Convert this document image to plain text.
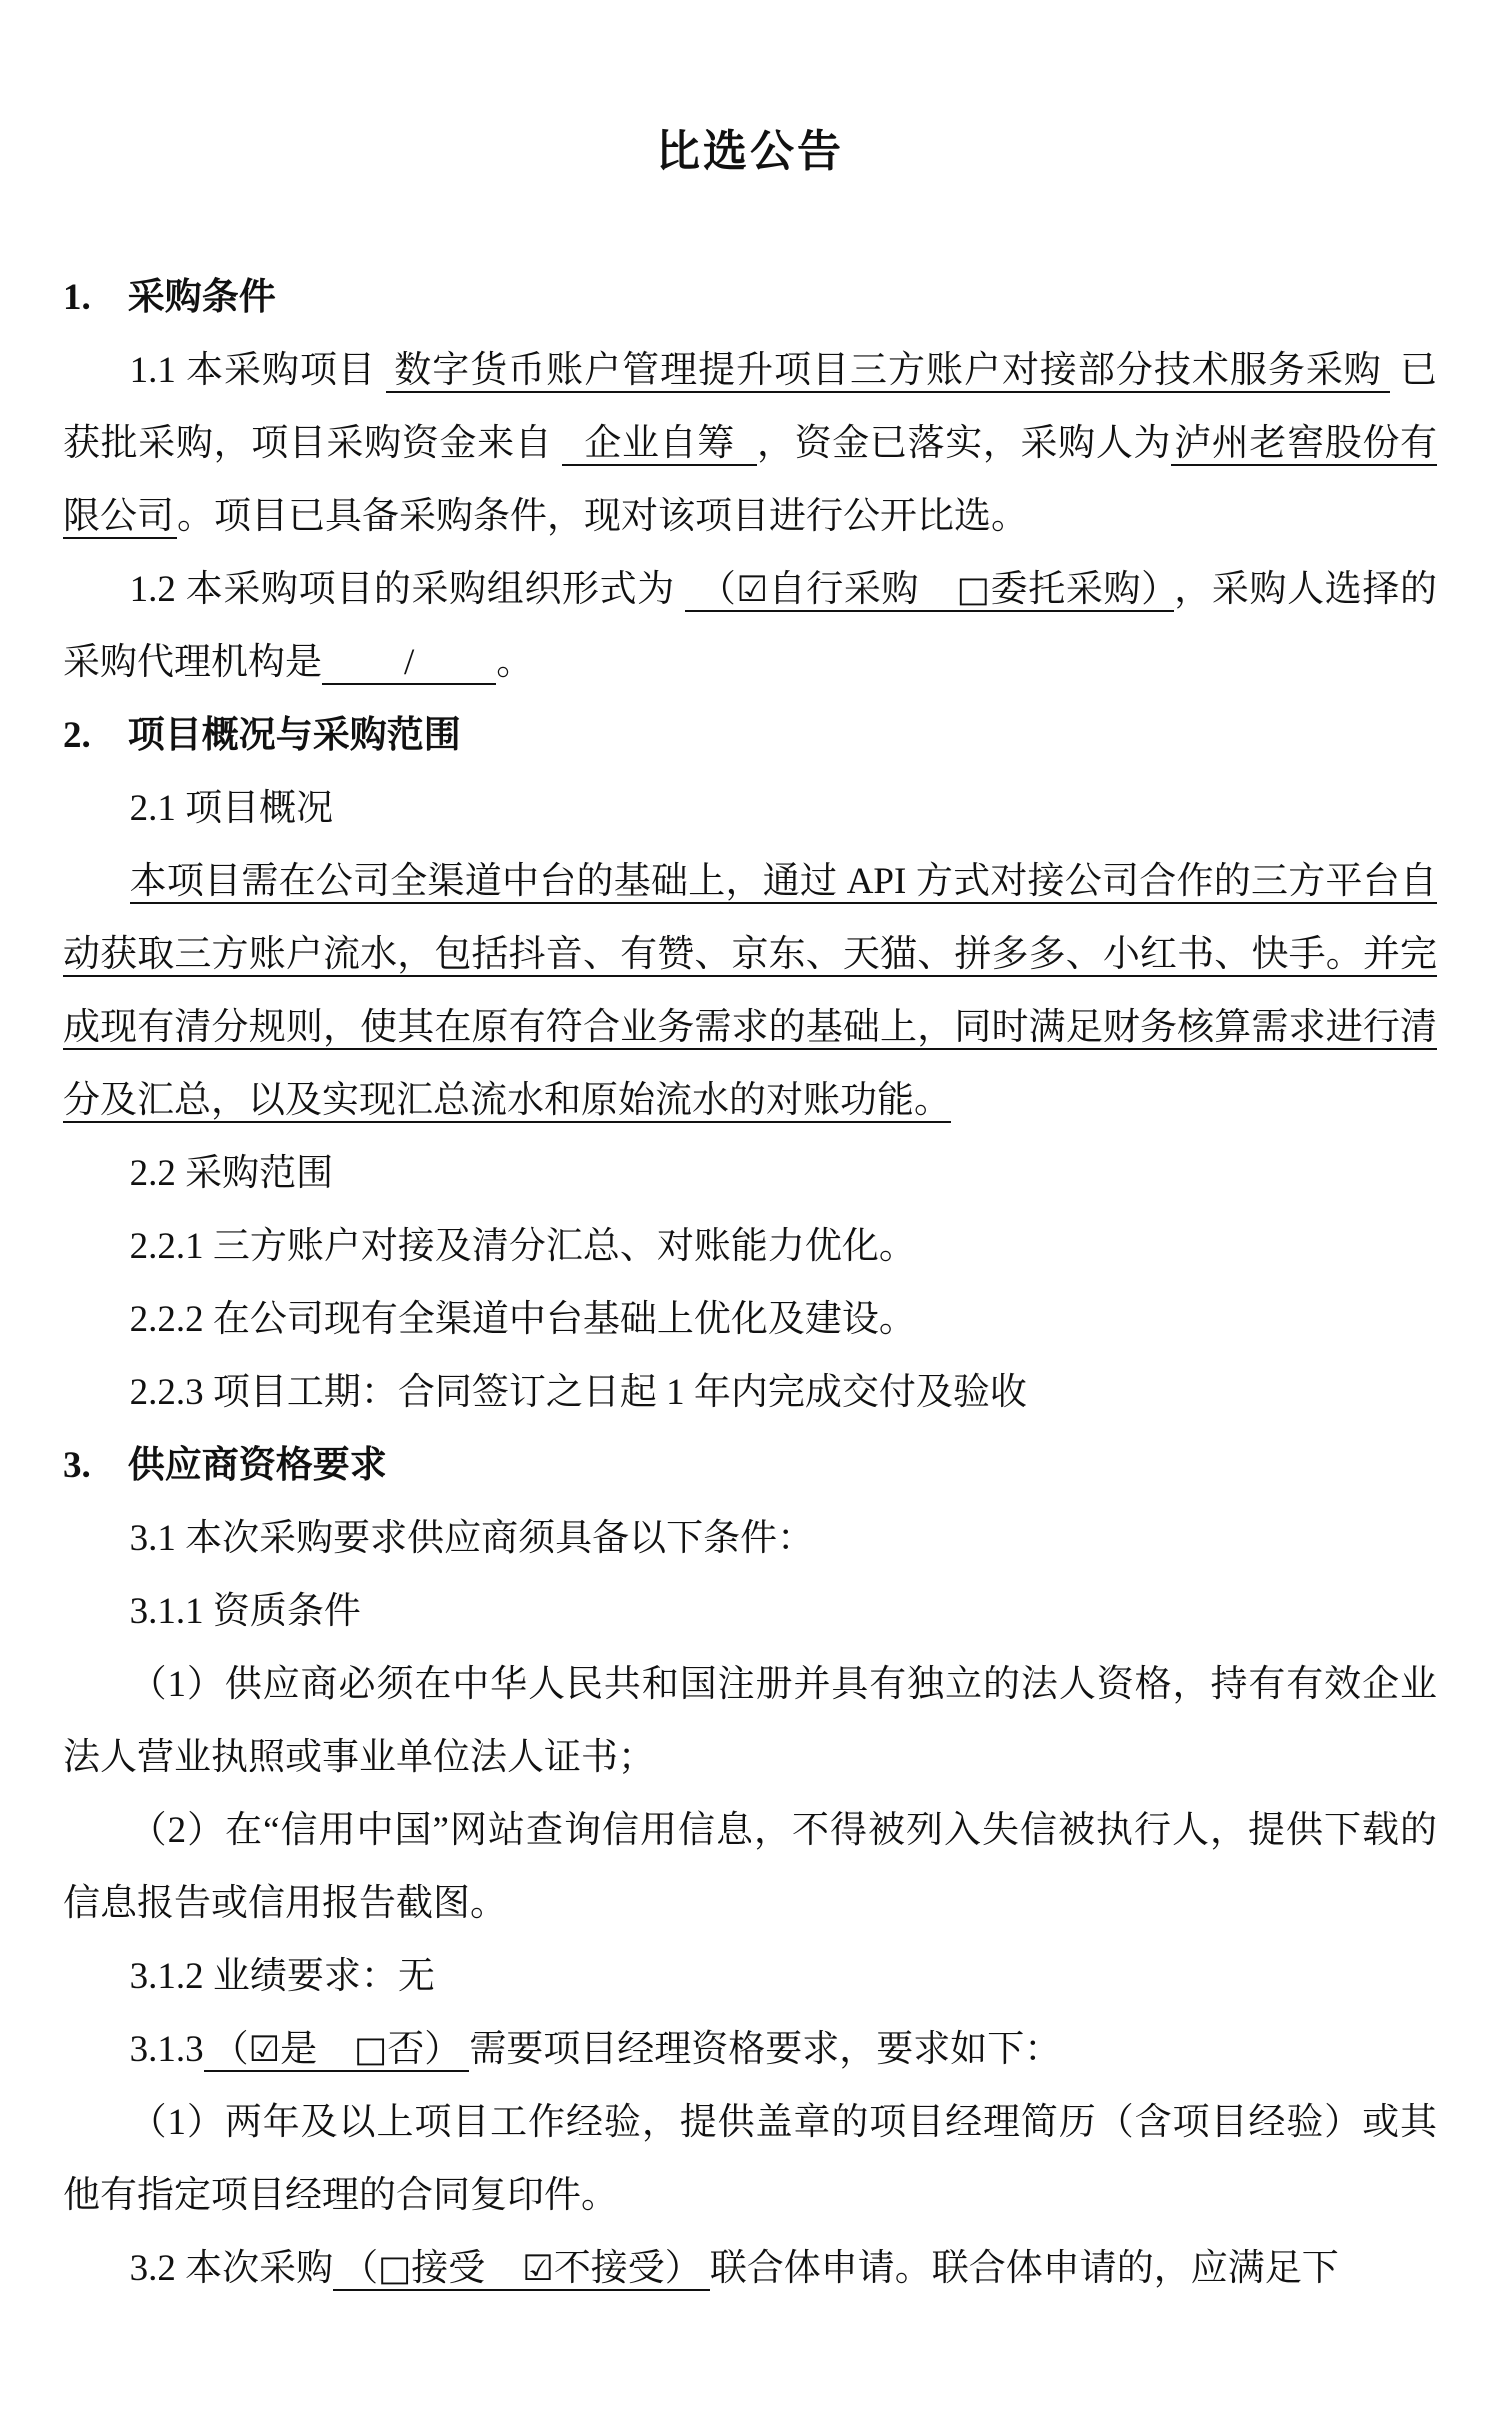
比选公告

1.　采购条件

1.1 本采购项目 数字货币账户管理提升项目三方账户对接部分技术服务采购 已获批采购，项目采购资金来自 企业自筹 ，资金已落实，采购人为泸州老窖股份有限公司。项目已具备采购条件，现对该项目进行公开比选。

1.2 本采购项目的采购组织形式为 （☑自行采购　□委托采购） ，采购人选择的采购代理机构是　　/　　。

2.　项目概况与采购范围

2.1 项目概况

本项目需在公司全渠道中台的基础上，通过 API 方式对接公司合作的三方平台自动获取三方账户流水，包括抖音、有赞、京东、天猫、拼多多、小红书、快手。并完成现有清分规则，使其在原有符合业务需求的基础上，同时满足财务核算需求进行清分及汇总，以及实现汇总流水和原始流水的对账功能。

2.2 采购范围

2.2.1 三方账户对接及清分汇总、对账能力优化。

2.2.2 在公司现有全渠道中台基础上优化及建设。

2.2.3 项目工期：合同签订之日起 1 年内完成交付及验收

3.　供应商资格要求

3.1 本次采购要求供应商须具备以下条件：

3.1.1 资质条件

（1）供应商必须在中华人民共和国注册并具有独立的法人资格，持有有效企业法人营业执照或事业单位法人证书；

（2）在“信用中国”网站查询信用信息，不得被列入失信被执行人，提供下载的信息报告或信用报告截图。

3.1.2 业绩要求：无

3.1.3 （☑是　□否） 需要项目经理资格要求，要求如下：

（1）两年及以上项目工作经验，提供盖章的项目经理简历（含项目经验）或其他有指定项目经理的合同复印件。

3.2 本次采购 （□接受　☑不接受） 联合体申请。联合体申请的，应满足下
